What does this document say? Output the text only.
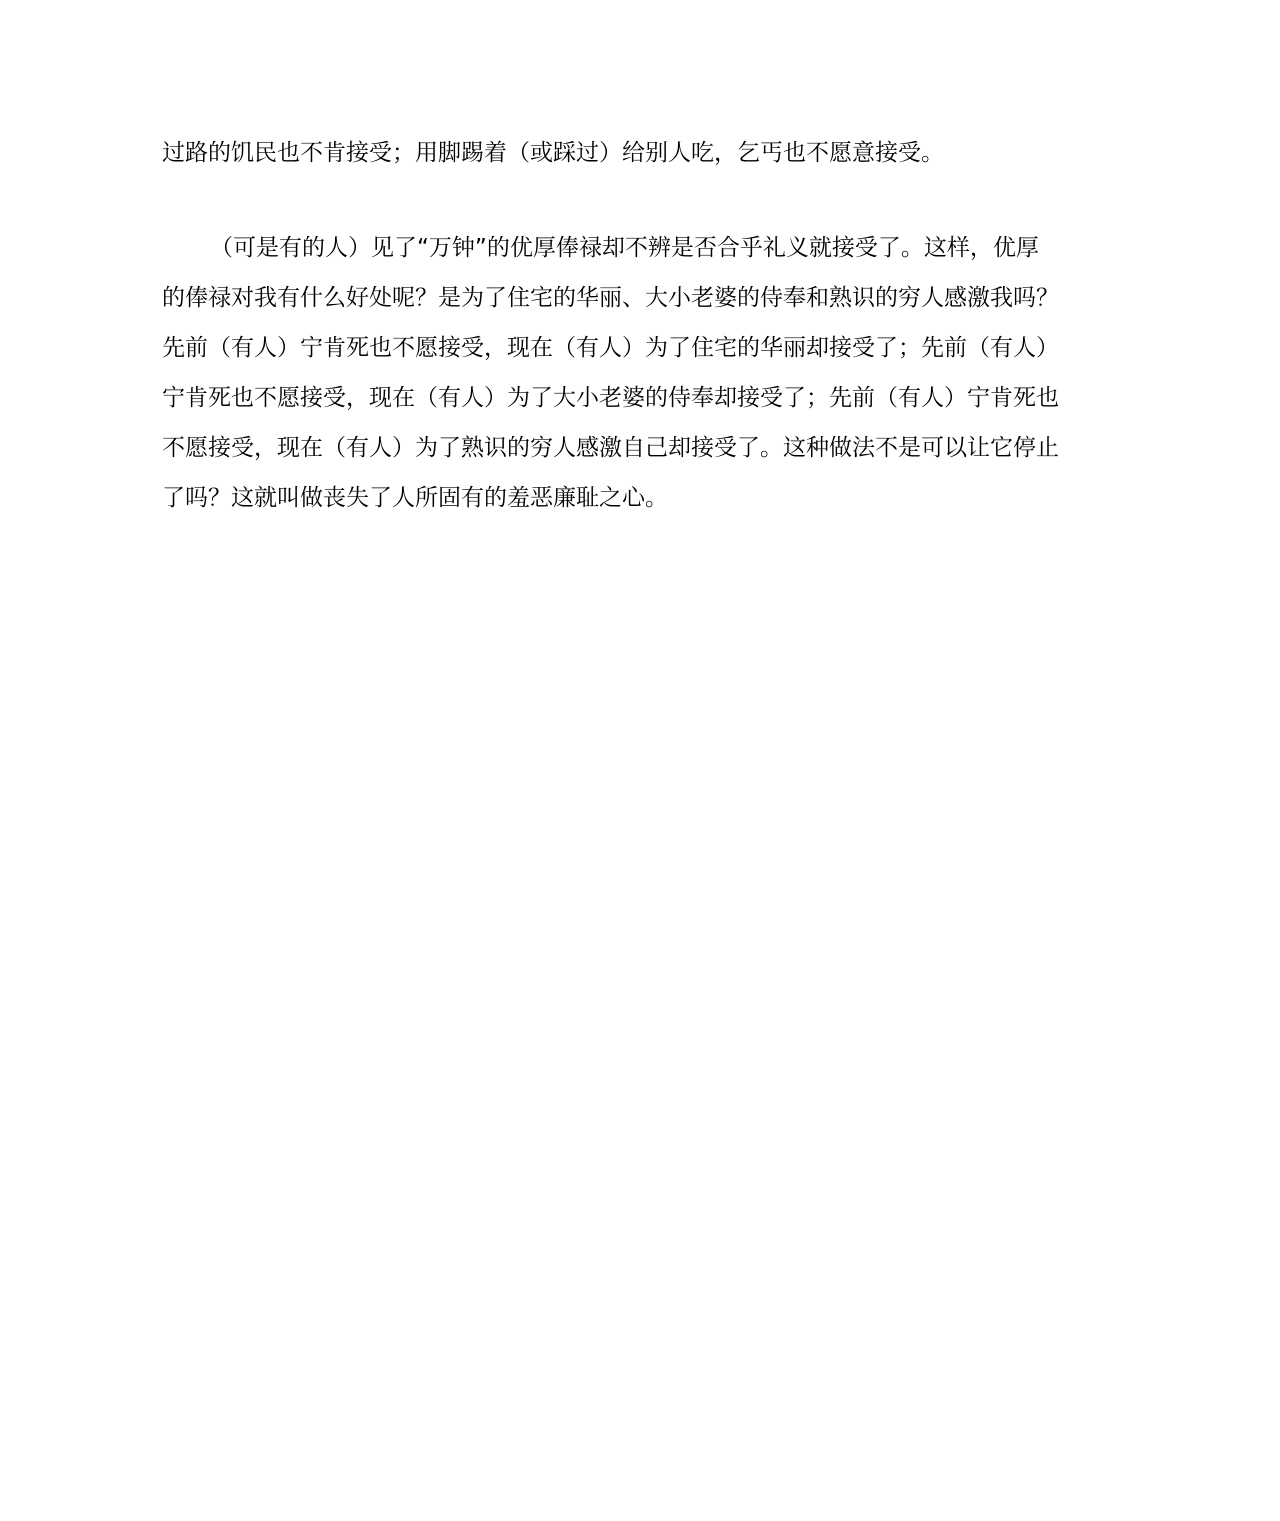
过路的饥民也不肯接受；用脚踢着（或踩过）给别人吃，乞丐也不愿意接受。
（可是有的人）见了“万钟”的优厚俸禄却不辨是否合乎礼义就接受了。这样，优厚
的俸禄对我有什么好处呢？是为了住宅的华丽、大小老婆的侍奉和熟识的穷人感激我吗？
先前（有人）宁肯死也不愿接受，现在（有人）为了住宅的华丽却接受了；先前（有人）
宁肯死也不愿接受，现在（有人）为了大小老婆的侍奉却接受了；先前（有人）宁肯死也
不愿接受，现在（有人）为了熟识的穷人感激自己却接受了。这种做法不是可以让它停止
了吗？这就叫做丧失了人所固有的羞恶廉耻之心。
